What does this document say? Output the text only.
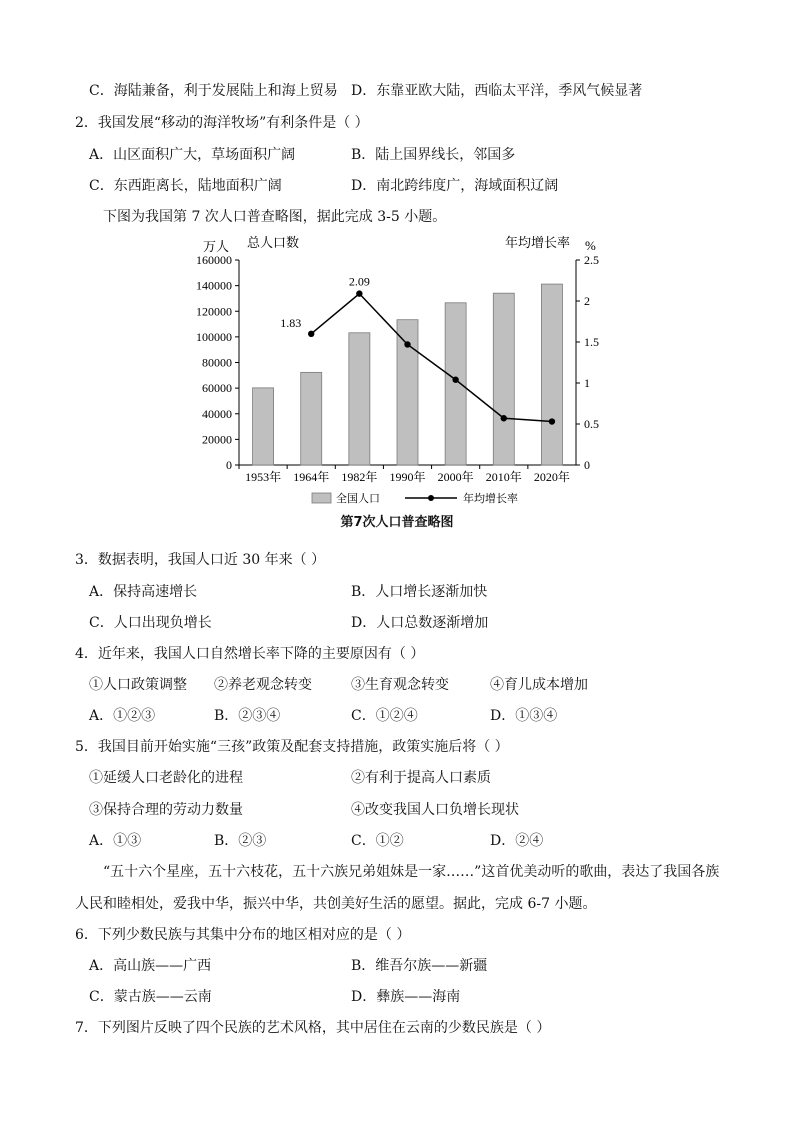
C．海陆兼备，利于发展陆上和海上贸易 D．东靠亚欧大陆，西临太平洋，季风气候显著
2．我国发展“移动的海洋牧场”有利条件是（ ）
A．山区面积广大，草场面积广阔	B．陆上国界线长，邻国多
C．东西距离长，陆地面积广阔	D．南北跨纬度广，海域面积辽阔
下图为我国第 7 次人口普查略图，据此完成 3-5 小题。
0
20000
40000
60000
80000
100000
120000
140000
160000
0
0.5
1
1.5
2
2.5
万人 总人口数	年均增长率 %
1953年 1964年 1982年 1990年 2000年 2010年 2020年
1.83
2.09
全国人口	年均增长率
第7次人口普查略图
3．数据表明，我国人口近 30 年来（ ）
A．保持高速增长	B．人口增长逐渐加快
C．人口出现负增长	D．人口总数逐渐增加
4．近年来，我国人口自然增长率下降的主要原因有（ ）
①人口政策调整 ②养老观念转变	③生育观念转变	④育儿成本增加
A．①②③	B．②③④	C．①②④	D．①③④
5．我国目前开始实施“三孩”政策及配套支持措施，政策实施后将（ ）
①延缓人口老龄化的进程	②有利于提高人口素质
③保持合理的劳动力数量	④改变我国人口负增长现状
A．①③	B．②③	C．①②	D．②④
“五十六个星座，五十六枝花，五十六族兄弟姐妹是一家……”这首优美动听的歌曲，表达了我国各族
人民和睦相处，爱我中华，振兴中华，共创美好生活的愿望。据此，完成 6-7 小题。
6．下列少数民族与其集中分布的地区相对应的是（ ）
A．高山族——广西	B．维吾尔族——新疆
C．蒙古族——云南	D．彝族——海南
7．下列图片反映了四个民族的艺术风格，其中居住在云南的少数民族是（ ）
